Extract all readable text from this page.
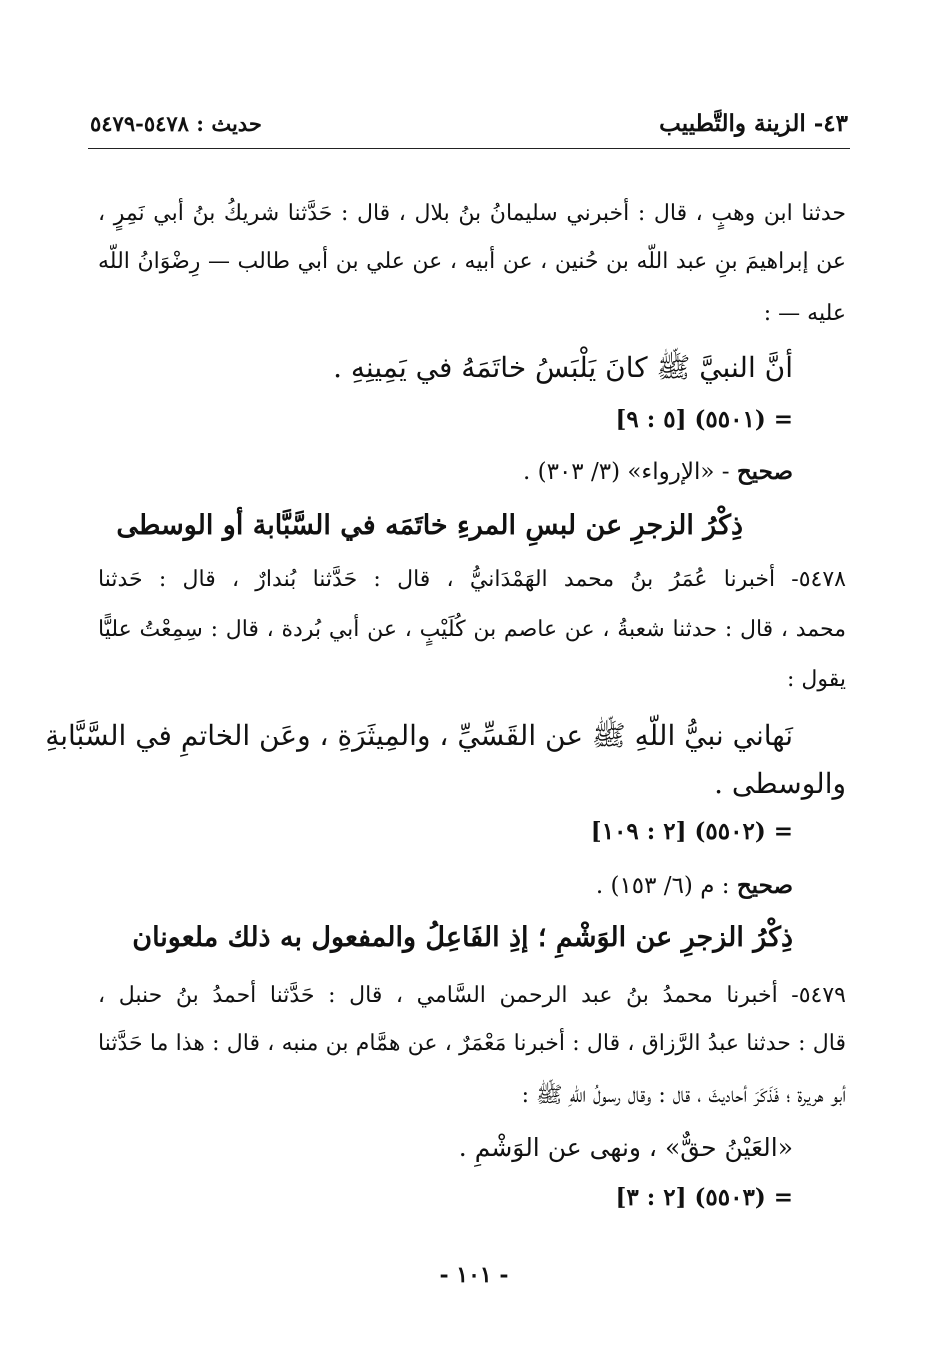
٤٣- الزينة والتَّطييب
حديث : ٥٤٧٨-٥٤٧٩
حدثنا ابن وهبٍ ، قال : أخبرني سليمانُ بنُ بلال ، قال : حَدَّثنا شريكُ بنُ أبي نَمِرٍ ،
عن إبراهيمَ بنِ عبد اللّه بن حُنين ، عن أبيه ، عن علي بن أبي طالب — رِضْوَانُ اللّه
عليه — :
أنَّ النبيَّ ﷺ كانَ يَلْبَسُ خاتَمَهُ في يَمِينِهِ .
= (٥٥٠١) [٥ : ٩]
صحيح - «الإرواء» (٣/ ٣٠٣) .
ذِكْرُ الزجرِ عن لبسِ المرءِ خاتَمَه في السَّبَّابة أو الوسطى
٥٤٧٨- أخبرنا عُمَرُ بنُ محمد الهَمْدَانيُّ ، قال : حَدَّثنا بُندارٌ ، قال : حَدثنا
محمد ، قال : حدثنا شعبةُ ، عن عاصم بن كُلَيْبٍ ، عن أبي بُردة ، قال : سِمِعْتُ عليًّا
يقول :
نَهاني نبيُّ اللّهِ ﷺ عن القَسِّيِّ ، والمِيثَرَةِ ، وعَن الخاتمِ في السَّبَّابةِ
والوسطى .
= (٥٥٠٢) [٢ : ١٠٩]
صحيح : م (٦/ ١٥٣) .
ذِكْرُ الزجرِ عن الوَشْمِ ؛ إذِ الفَاعِلُ والمفعول به ذلك ملعونان
٥٤٧٩- أخبرنا محمدُ بنُ عبد الرحمن السَّامي ، قال : حَدَّثنا أحمدُ بنُ حنبل ،
قال : حدثنا عبدُ الرَّزاق ، قال : أخبرنا مَعْمَرٌ ، عن همَّام بن منبه ، قال : هذا ما حَدَّثنا
أبو هريرة ؛ فَذَكَرَ أحاديثَ ، قال : وقال رسولُ اللّهِ ﷺ :
«العَيْنُ حقٌّ» ، ونهى عن الوَشْمِ .
= (٥٥٠٣) [٢ : ٣]
- ١٠١ -
